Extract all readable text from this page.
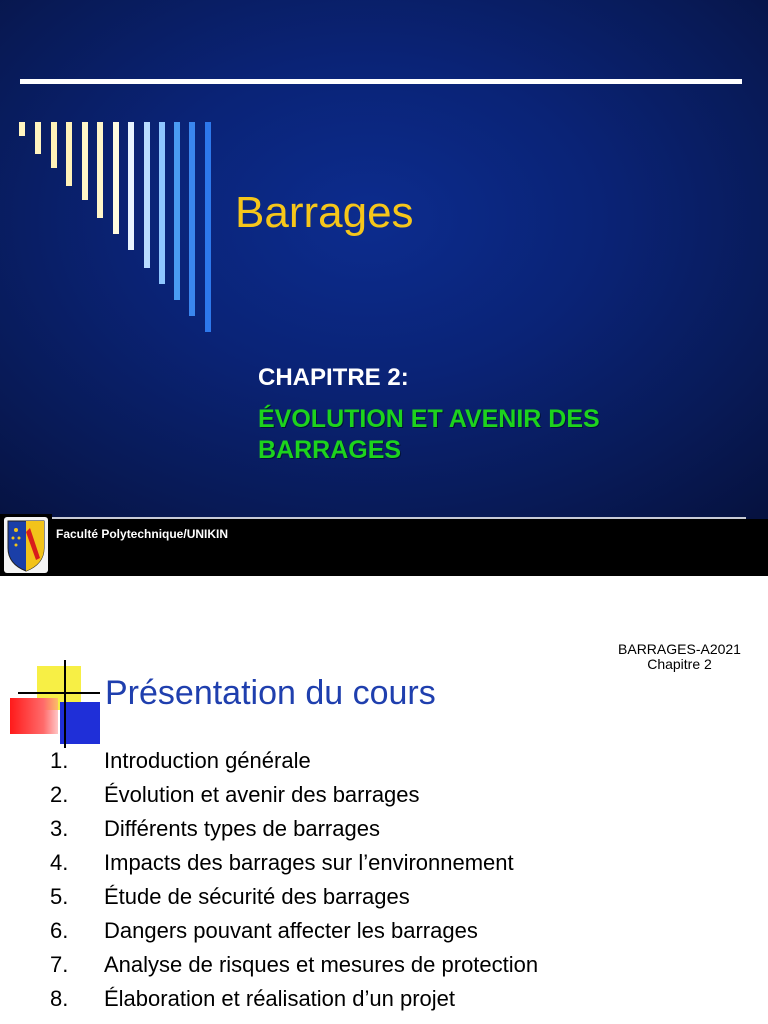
Barrages
CHAPITRE 2:
ÉVOLUTION ET AVENIR DES BARRAGES
Faculté Polytechnique/UNIKIN
BARRAGES-A2021
Chapitre 2
Présentation du cours
1.	Introduction générale
2.	Évolution et avenir des barrages
3.	Différents types de barrages
4.	Impacts des barrages sur l’environnement
5.	Étude de sécurité des barrages
6.	Dangers pouvant affecter les barrages
7.	Analyse de risques et mesures de protection
8.	Élaboration et réalisation d’un projet
